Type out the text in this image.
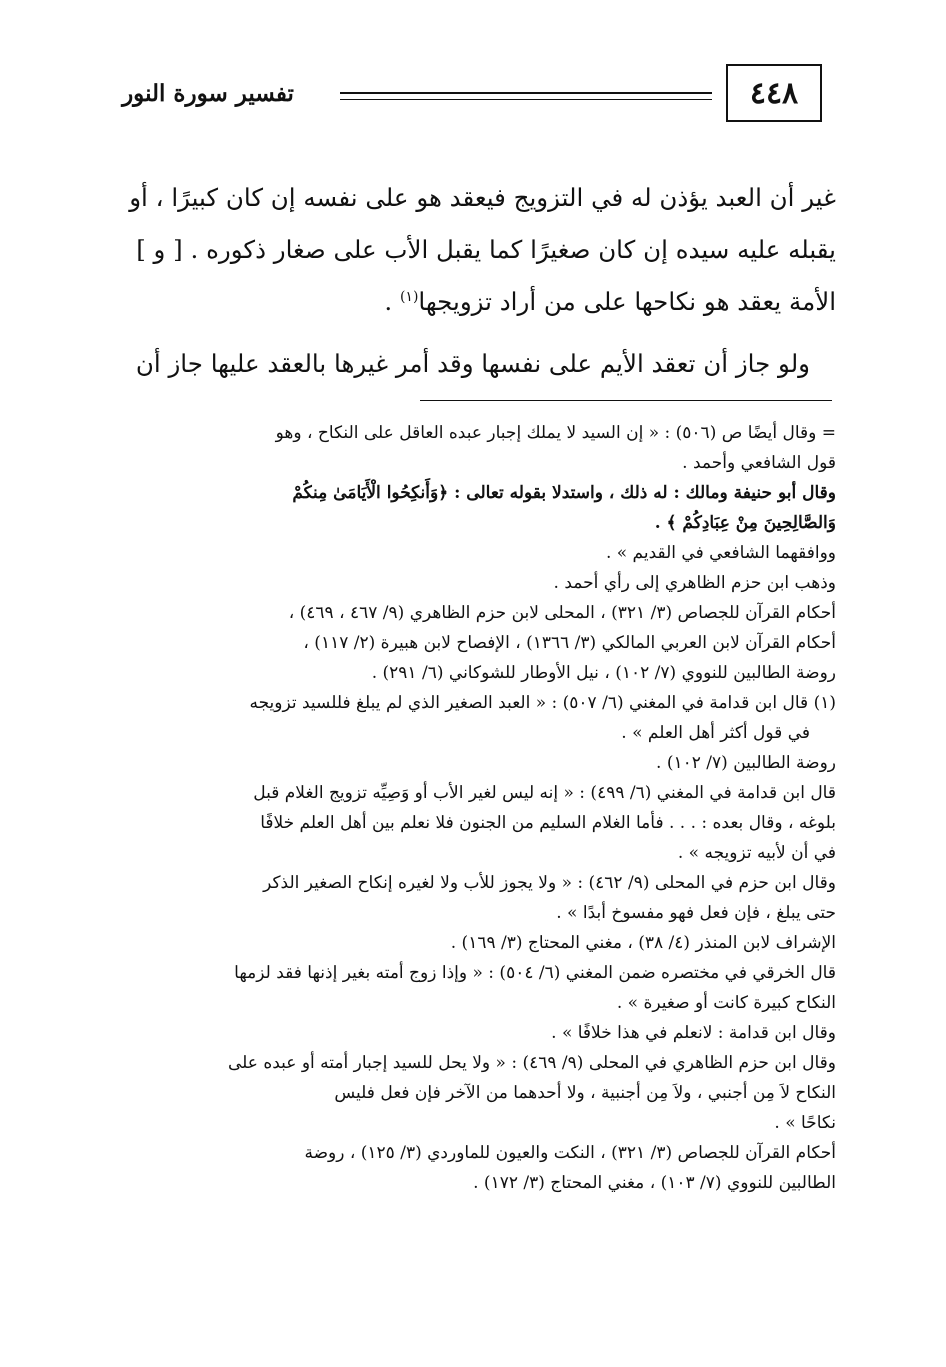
٤٤٨
تفسير سورة النور
غير أن العبد يؤذن له في التزويج فيعقد هو على نفسه إن كان كبيرًا ، أو
يقبله عليه سيده إن كان صغيرًا كما يقبل الأب على صغار ذكوره . [ و ]
الأمة يعقد هو نكاحها على من أراد تزويجها$^{(١)}$ .
ولو جاز أن تعقد الأيم على نفسها وقد أمر غيرها بالعقد عليها جاز أن
= وقال أيضًا ص (٥٠٦) : « إن السيد لا يملك إجبار عبده العاقل على النكاح ، وهو
قول الشافعي وأحمد .
وقال أبو حنيفة ومالك : له ذلك ، واستدلا بقوله تعالى : ﴿وَأَنكِحُوا الْأَيَامَىٰ مِنكُمْ
وَالصَّالِحِينَ مِنْ عِبَادِكُمْ ﴾ .
ووافقهما الشافعي في القديم » .
وذهب ابن حزم الظاهري إلى رأي أحمد .
أحكام القرآن للجصاص (٣/ ٣٢١) ، المحلى لابن حزم الظاهري (٩/ ٤٦٧ ، ٤٦٩) ،
أحكام القرآن لابن العربي المالكي (٣/ ١٣٦٦) ، الإفصاح لابن هبيرة (٢/ ١١٧) ،
روضة الطالبين للنووي (٧/ ١٠٢) ، نيل الأوطار للشوكاني (٦/ ٢٩١) .
(١) قال ابن قدامة في المغني (٦/ ٥٠٧) : « العبد الصغير الذي لم يبلغ فللسيد تزويجه
في قول أكثر أهل العلم » .
روضة الطالبين (٧/ ١٠٢) .
قال ابن قدامة في المغني (٦/ ٤٩٩) : « إنه ليس لغير الأب أو وَصِيِّه تزويج الغلام قبل
بلوغه ، وقال بعده : . . . فأما الغلام السليم من الجنون فلا نعلم بين أهل العلم خلافًا
في أن لأبيه تزويجه » .
وقال ابن حزم في المحلى (٩/ ٤٦٢) : « ولا يجوز للأب ولا لغيره إنكاح الصغير الذكر
حتى يبلغ ، فإن فعل فهو مفسوخ أبدًا » .
الإشراف لابن المنذر (٤/ ٣٨) ، مغني المحتاج (٣/ ١٦٩) .
قال الخرقي في مختصره ضمن المغني (٦/ ٥٠٤) : « وإذا زوج أمته بغير إذنها فقد لزمها
النكاح كبيرة كانت أو صغيرة » .
وقال ابن قدامة : لانعلم في هذا خلافًا » .
وقال ابن حزم الظاهري في المحلى (٩/ ٤٦٩) : « ولا يحل للسيد إجبار أمته أو عبده على
النكاح لاَ مِن أجنبي ، ولاَ مِن أجنبية ، ولا أحدهما من الآخر فإن فعل فليس
نكاحًا » .
أحكام القرآن للجصاص (٣/ ٣٢١) ، النكت والعيون للماوردي (٣/ ١٢٥) ، روضة
الطالبين للنووي (٧/ ١٠٣) ، مغني المحتاج (٣/ ١٧٢) .
